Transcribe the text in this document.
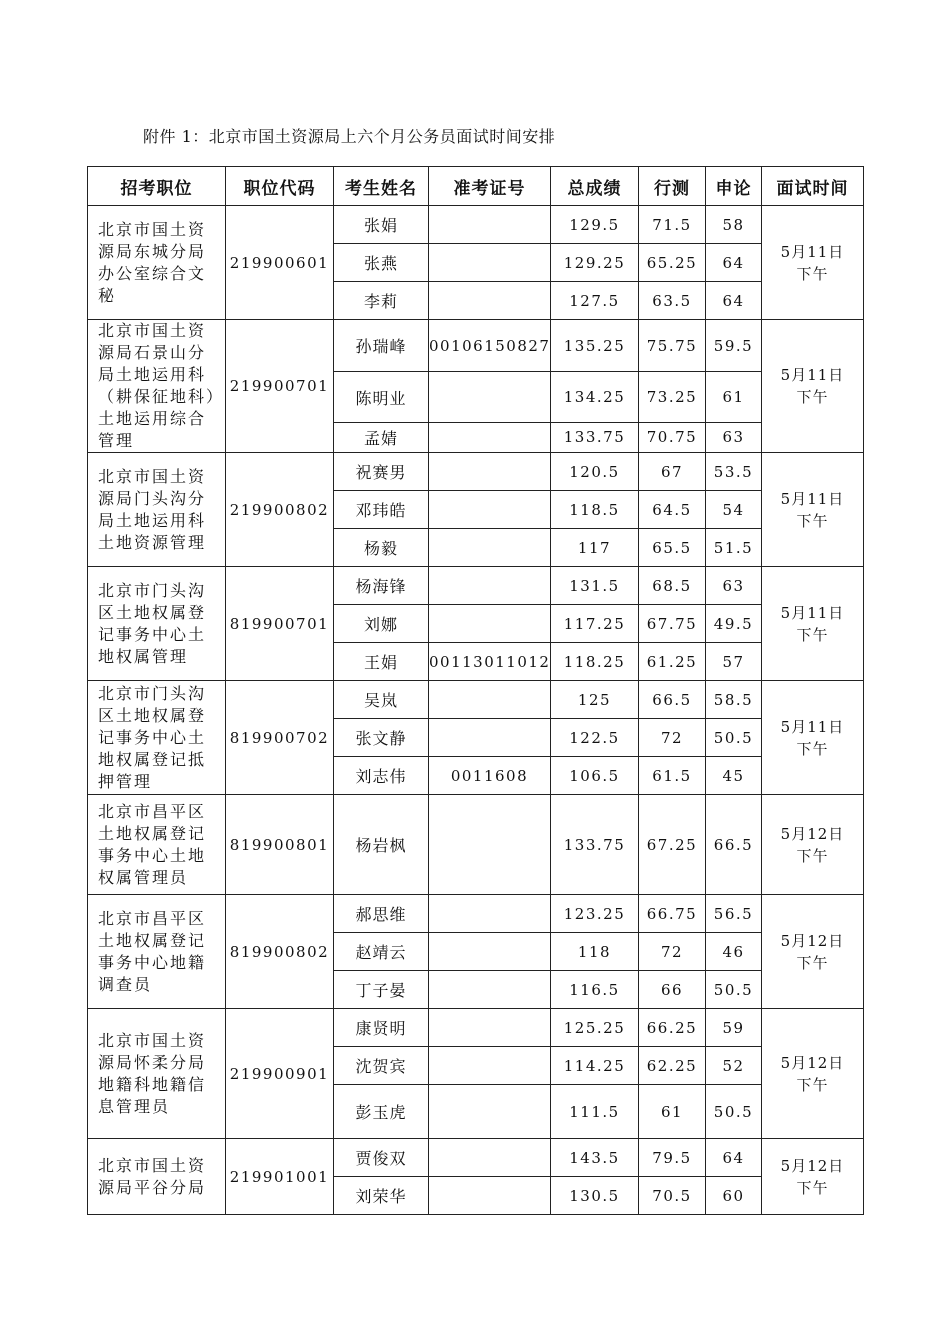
附件 1：北京市国土资源局上六个月公务员面试时间安排
招考职位	职位代码	考生姓名	准考证号	总成绩	行测	申论	面试时间
北京市国土资源局东城分局办公室综合文秘	219900601	张娟		129.5	71.5	58	5月11日
下午

		张燕		129.25	65.25	64	
		李莉		127.5	63.5	64	
北京市国土资源局石景山分局土地运用科（耕保征地科）土地运用综合管理	219900701	孙瑞峰	00106150827	135.25	75.75	59.5	5月11日
下午

		陈明业		134.25	73.25	61	
		孟婧		133.75	70.75	63	
北京市国土资源局门头沟分局土地运用科土地资源管理	219900802	祝赛男		120.5	67	53.5	5月11日
下午

		邓玮皓		118.5	64.5	54	
		杨毅		117	65.5	51.5	
北京市门头沟区土地权属登记事务中心土地权属管理	819900701	杨海锋		131.5	68.5	63	5月11日
下午

		刘娜		117.25	67.75	49.5	
		王娟	00113011012	118.25	61.25	57	
北京市门头沟区土地权属登记事务中心土地权属登记抵押管理	819900702	吴岚		125	66.5	58.5	5月11日
下午

		张文静		122.5	72	50.5	
		刘志伟	0011608	106.5	61.5	45	
北京市昌平区土地权属登记事务中心土地权属管理员	819900801	杨岩枫		133.75	67.25	66.5	5月12日
下午

北京市昌平区土地权属登记事务中心地籍调查员	819900802	郝思维		123.25	66.75	56.5	5月12日
下午

		赵靖云		118	72	46	
		丁子晏		116.5	66	50.5	
北京市国土资源局怀柔分局地籍科地籍信息管理员	219900901	康贤明		125.25	66.25	59	5月12日
下午

		沈贺宾		114.25	62.25	52	
		彭玉虎		111.5	61	50.5	
北京市国土资源局平谷分局	219901001	贾俊双		143.5	79.5	64	5月12日
下午

		刘荣华		130.5	70.5	60	
